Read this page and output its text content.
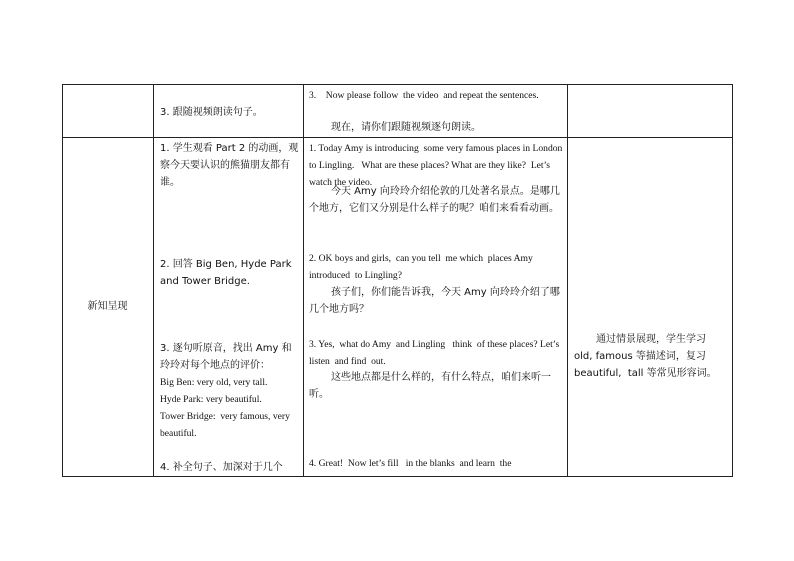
3. 跟随视频朗读句子。
3.    Now please follow  the video  and repeat the sentences.
现在，请你们跟随视频逐句朗读。
新知呈现
1. 学生观看 Part 2 的动画，观察今天要认识的熊猫朋友都有谁。
2. 回答 Big Ben, Hyde Park and Tower Bridge.
3. 逐句听原音，找出 Amy 和玲玲对每个地点的评价：
Big Ben: very old, very tall.
Hyde Park: very beautiful.
Tower Bridge:  very famous, very beautiful.
4. 补全句子、加深对于几个
1. Today Amy is introducing  some very famous places in London to Lingling.   What are these places? What are they like?  Let’s watch the video.
今天 Amy 向玲玲介绍伦敦的几处著名景点。是哪几个地方，它们又分别是什么样子的呢？咱们来看看动画。
2. OK boys and girls,  can you tell  me which  places Amy introduced  to Lingling?
孩子们，你们能告诉我，今天 Amy 向玲玲介绍了哪几个地方吗？
3. Yes,  what do Amy  and Lingling   think  of these places? Let’s listen  and find  out.
这些地点都是什么样的，有什么特点，咱们来听一听。
4. Great!  Now let’s fill   in the blanks  and learn  the
通过情景展现，学生学习 old, famous 等描述词，复习 beautiful,  tall 等常见形容词。
